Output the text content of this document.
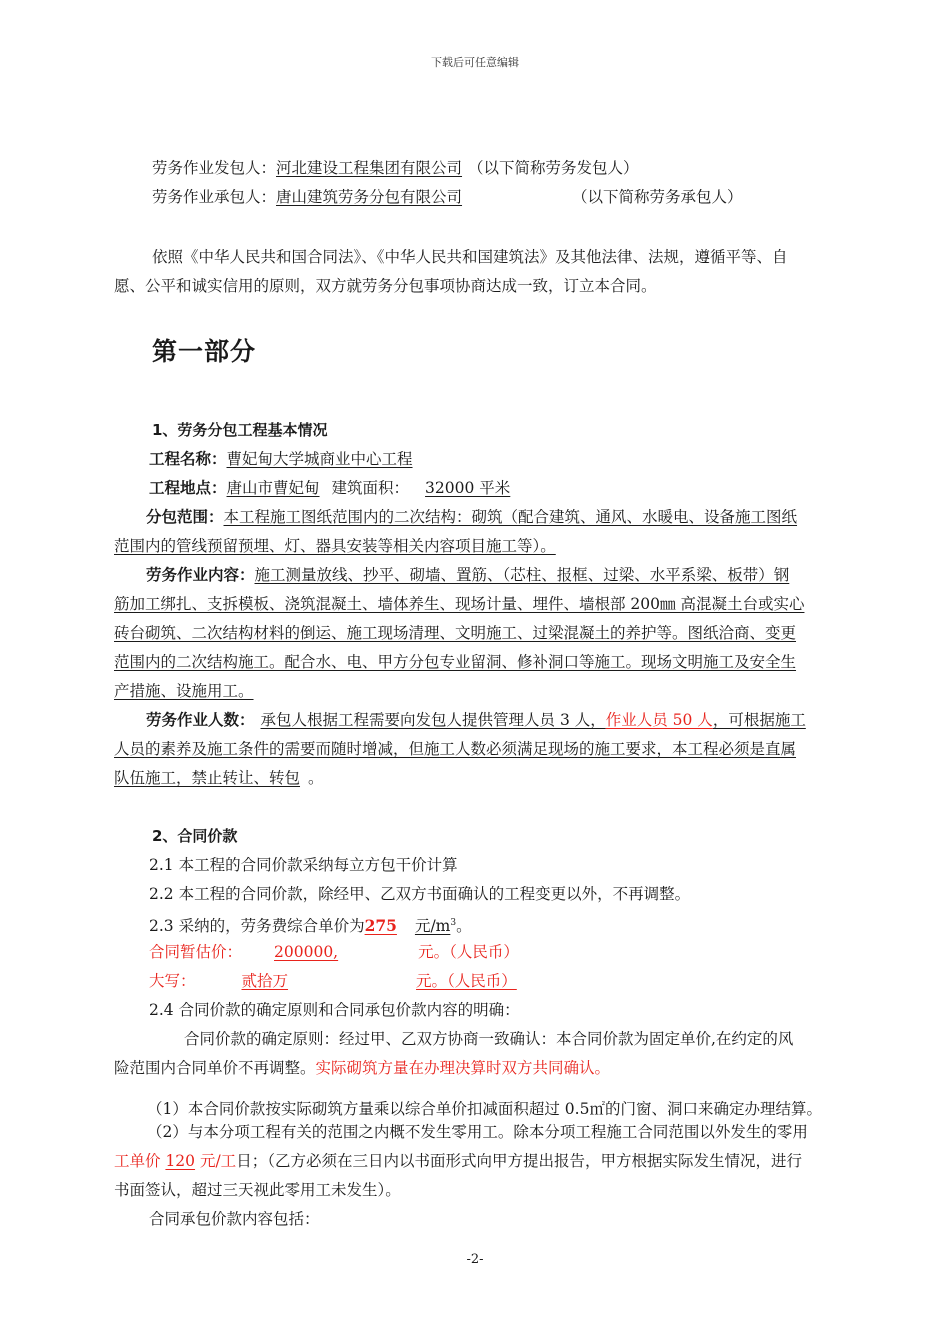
下载后可任意编辑
劳务作业发包人：河北建设工程集团有限公司 （以下简称劳务发包人）
劳务作业承包人：唐山建筑劳务分包有限公司	（以下简称劳务承包人）
依照《中华人民共和国合同法》、《中华人民共和国建筑法》及其他法律、法规，遵循平等、自
愿、公平和诚实信用的原则，双方就劳务分包事项协商达成一致，订立本合同。
第一部分
1、劳务分包工程基本情况
工程名称：曹妃甸大学城商业中心工程
工程地点：唐山市曹妃甸 建筑面积： 32000 平米
分包范围：本工程施工图纸范围内的二次结构：砌筑（配合建筑、通风、水暖电、设备施工图纸
范围内的管线预留预埋、灯、器具安装等相关内容项目施工等）。
劳务作业内容：施工测量放线、抄平、砌墙、置筋、（芯柱、报框、过梁、水平系梁、板带）钢
筋加工绑扎、支拆模板、浇筑混凝土、墙体养生、现场计量、埋件、墙根部 200㎜ 高混凝土台或实心
砖台砌筑、二次结构材料的倒运、施工现场清理、文明施工、过梁混凝土的养护等。图纸洽商、变更
范围内的二次结构施工。配合水、电、甲方分包专业留洞、修补洞口等施工。现场文明施工及安全生
产措施、设施用工。
劳务作业人数： 承包人根据工程需要向发包人提供管理人员 3 人，作业人员 50 人，可根据施工
人员的素养及施工条件的需要而随时增减，但施工人数必须满足现场的施工要求，本工程必须是直属
队伍施工，禁止转让、转包 。
2、合同价款
2.1 本工程的合同价款采纳每立方包干价计算
2.2 本工程的合同价款，除经甲、乙双方书面确认的工程变更以外，不再调整。
2.3 采纳的，劳务费综合单价为275 元$/m^3$。
合同暂估价： 200000,	元。（人民币）
大写：	贰拾万	元。（人民币）
2.4 合同价款的确定原则和合同承包价款内容的明确：
合同价款的确定原则：经过甲、乙双方协商一致确认：本合同价款为固定单价,在约定的风
险范围内合同单价不再调整。实际砌筑方量在办理决算时双方共同确认。
（1）本合同价款按实际砌筑方量乘以综合单价扣减面积超过 0.5㎡的门窗、洞口来确定办理结算。
（2）与本分项工程有关的范围之内概不发生零用工。除本分项工程施工合同范围以外发生的零用
工单价 120 元/工日；（乙方必须在三日内以书面形式向甲方提出报告，甲方根据实际发生情况，进行
书面签认，超过三天视此零用工未发生）。
合同承包价款内容包括：
-2-
